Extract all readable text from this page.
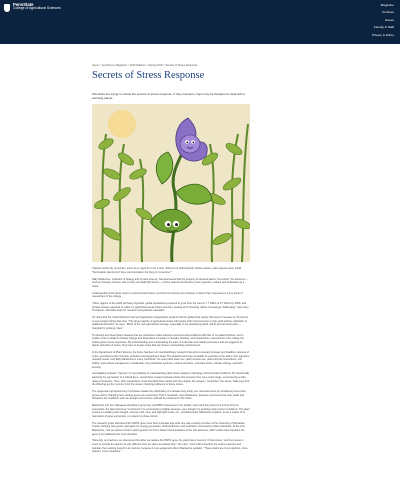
PennState
College of Agricultural Sciences
Magazine
Archives
Issues
Faculty & Staff
Privacy & Policy
Home > Ag Science Magazine > 2019 Editions > Spring 2019 > Secrets of Stress Response
Secrets of Stress Response

Scientists are trying to unlock the secrets of stress response. If they succeed, crops may be designed to deal with a warming planet.

If plants could truly remember, some of us might be in for a rude. What is not philosophical, Noble reckons, plant species store (stuff). "Survivalistic plants don't have communication but they do 'remember.'"

Sally Mackenzie, professor of biology and of plant science, has discovered that the progeny of stressed plants "remember" the stressors — such as drought, extreme cold or heat, and high light levels — of their parents and become more vigorous, resilient and productive as a result.

Understanding how plants react to environmental stress, and how we humans can enhance or detect their responses is a key focus of researchers in the college.

"Other regions of the world will have important, global populations projected to grow from the current 7.7 billion to 9.7 billion by 2050, and climate change expected to make our agricultural areas hotter and drier, feeding all of humanity will be increasingly challenging," says Gary Thompson, associate dean for research and graduate education.

He notes that the United Nations Food and Agriculture Organization predicts that the global food supply will need to increase by 70 percent to meet supply during that time. "The large majority of agricultural output will require both improvements in crop yield and the cultivation of additional farmland," he says. "Much of the new agricultural acreage, especially in the developing world, will be arid and semi-arid — marginal for growing crops."

To develop and breed plant varieties that are productive under arduous environmental conditions with little or no added fertilizer, and to enable crops to adapt to climate change and associated increases in drought, flooding, and temperature, researchers in the college are probing plant stress responses. By understanding and manipulating the suite of molecular and cellular processes that are triggered by plants' detection of stress, they hope to design crops that can thrive in demanding environments.

In the Department of Plant Science, the focus has been on interdisciplinary research that aims to develop stronger and healthier varieties of crops, according to Eric Cornelis, professor and department head. The department brings a breadth of expertise to the task in four signature research areas, and Sally Mackenzie is a key contributor; we span plant water use, plant nutrient use, plant-microbe interactions, soil fertility, and nutrient management, sustainable crop production systems, nutrient-precision, and plant stress, climate change, and food security.

Investigating soybean "memory" is one pathway to understanding plant stress related to changing environmental conditions. By intentionally silencing the expression of a critical gene, researchers created soybean plants that perceive they were under stage, encountering a wide range of stressors. Then, after researchers cross-breeding those plants with the original, the progeny "remember" the stress. Sally says that the offspring get the memory from the outset, inheriting resilience to future stress.

The epigenetic reprogramming of soybean speaks the culmination of a decade-long study, one recounted here by introducing criss-cross genes and by changing how existing genes are expressed. That is important, says Mackenzie, because it prevents how crop yields and behaviors for conditions such as drought and extreme cold will be enhanced in the future.

Mackenzie and her colleagues identified a gene they call MSH1 that seems to be pivotal, and noted they found it is turned off at its expression, the plant becomes "convinced" it is encountering multiple stresses, even though it is growing under perfect conditions. The plant senses it is dealing with drought, extreme cold, heat, and high light levels, etc., simultaneously, Mackenzie explains, so as a matter of its repression of gene expression, to respond to those stimuli.

The research group discovered the MSH1 gene more than a decade ago while she was a faculty member at the University of Nebraska-Lincoln studying how genes reprogram for energy generation, photosynthesis, and respiration connected to plant coordinate. At the time, Mackenzie, now an eminent chair in plant genetics for Penn State's Huck Institutes of the Life Sciences, didn't realize how important the gene is for traditional live crop scientists

"Recently, on practices, we discovered that after we replace the MSH1 gene, the plant has a 'memory' of that stress," and by process it seem to provide the plants not only different from the plant we started with," she says. "And it will remember the stress response and maintain the resulting benefit in its memory, because it is an epigenetic effect; Mackenzie explains. "These plants are more vigorous, more tolerant, more productive."
